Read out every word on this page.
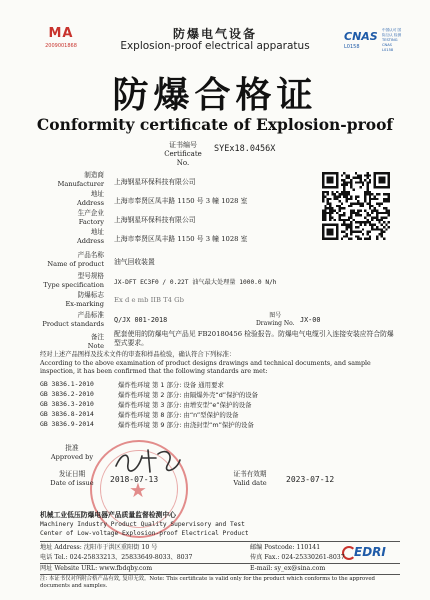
MA
2009001868
防爆电气设备
Explosion-proof electrical apparatus
CNAS
L0158
中国认可 国际互认 检测 TESTING CNAS L0158
防爆合格证
Conformity certificate of Explosion-proof
证书编号
Certificate No.
SYEx18.0456X
制造商
Manufacturer 上海钢星环保科技有限公司
地址
Address 上海市奉贤区凤丰路 1150 号 3 幢 1028 室
生产企业
Factory 上海钢星环保科技有限公司
地址
Address 上海市奉贤区凤丰路 1150 号 3 幢 1028 室
产品名称
Name of product 油气回收装置
型号规格
Type specification JX-DFT EC3F0 / 0.22T 油气最大处理量 1000.0 N/h
防爆标志
Ex-marking Ex d e mb IIB T4 Gb
产品标准
Product standards Q/JX 001-2018
图号
Drawing No. JX-00
备注
Note
配套使用的防爆电气产品见 FB20180456 检验报告。防爆电气电缆引入连接安装应符合防爆型式要求。
经对上述产品图样及技术文件的审查和样品检验，确认符合下列标准：
According to the above examination of product designs drawings and technical documents, and sample inspection, it has been confirmed that the following standards are met:
GB 3836.1-2010	爆炸性环境 第 1 部分: 设备 通用要求
GB 3836.2-2010	爆炸性环境 第 2 部分: 由隔爆外壳“d”保护的设备
GB 3836.3-2010	爆炸性环境 第 3 部分: 由增安型“e”保护的设备
GB 3836.8-2014	爆炸性环境 第 8 部分: 由“n”型保护的设备
GB 3836.9-2014	爆炸性环境 第 9 部分: 由浇封型“m”保护的设备
批准
Approved by
★
发证日期
Date of issue	2018-07-13
证书有效期
Valid date	2023-07-12
机械工业低压防爆电器产品质量监督检测中心
Machinery Industry Product Quality Supervisory and Test
Center of Low-voltage Explosion-proof Electrical Product
EDRI
地址 Address: 沈阳市于洪区重阳街 10 号	邮编 Postcode: 110141
电话 Tel.: 024-25833213、25833649-8033、8037	传真 Fax.: 024-25330261-8037
网址 Website URL: www.fbdqby.com	E-mail: sy_ex@sina.com
注: 本证书仅对所附合格产品有效, 复印无效。Note: This certificate is valid only for the product which conforms to the approved documents and samples.
